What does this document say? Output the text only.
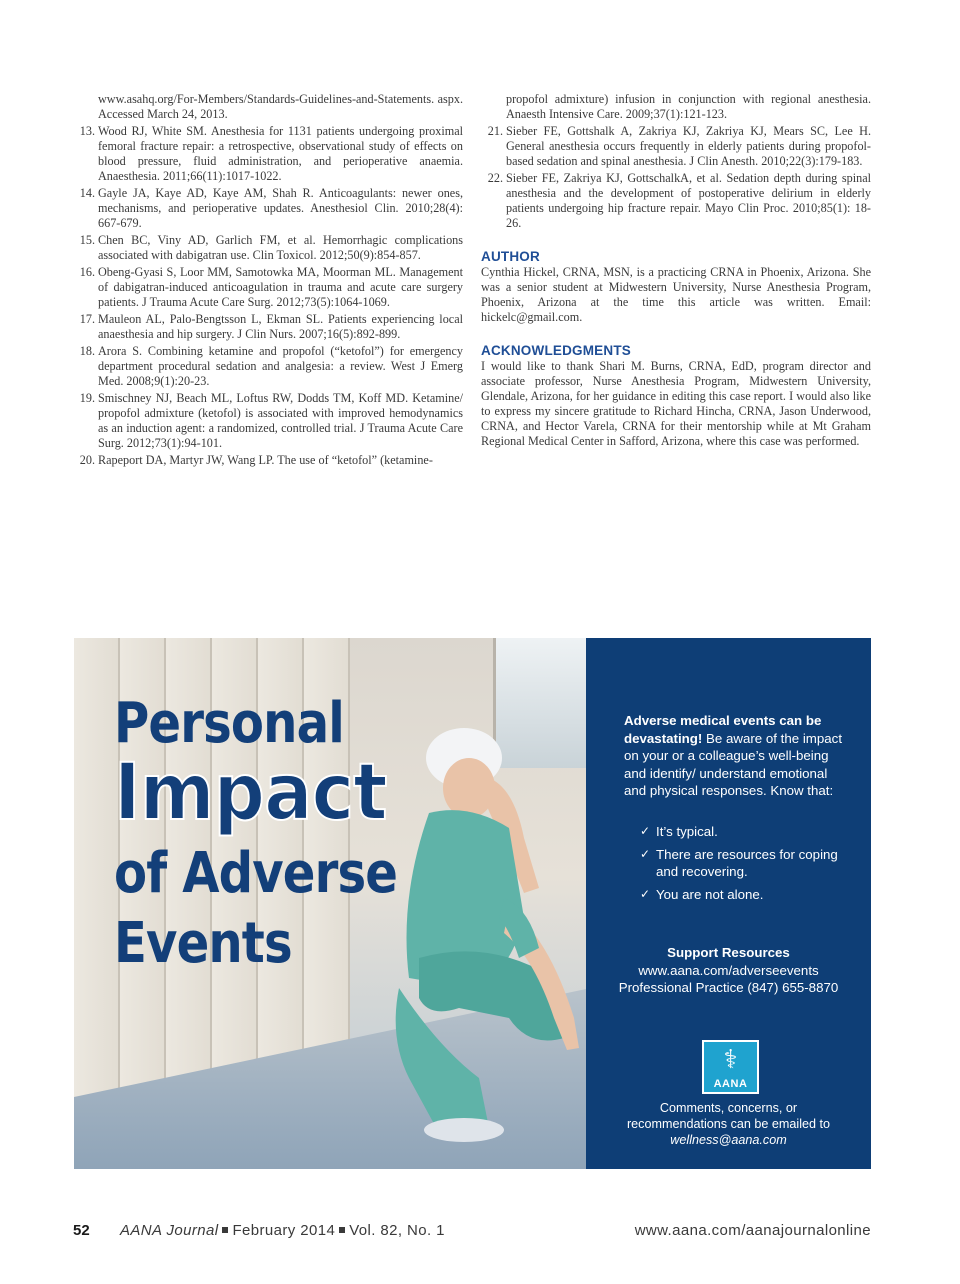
www.asahq.org/For-Members/Standards-Guidelines-and-Statements. aspx. Accessed March 24, 2013.
13. Wood RJ, White SM. Anesthesia for 1131 patients undergoing proximal femoral fracture repair: a retrospective, observational study of effects on blood pressure, fluid administration, and perioperative anaemia. Anaesthesia. 2011;66(11):1017-1022.
14. Gayle JA, Kaye AD, Kaye AM, Shah R. Anticoagulants: newer ones, mechanisms, and perioperative updates. Anesthesiol Clin. 2010;28(4): 667-679.
15. Chen BC, Viny AD, Garlich FM, et al. Hemorrhagic complications associated with dabigatran use. Clin Toxicol. 2012;50(9):854-857.
16. Obeng-Gyasi S, Loor MM, Samotowka MA, Moorman ML. Management of dabigatran-induced anticoagulation in trauma and acute care surgery patients. J Trauma Acute Care Surg. 2012;73(5):1064-1069.
17. Mauleon AL, Palo-Bengtsson L, Ekman SL. Patients experiencing local anaesthesia and hip surgery. J Clin Nurs. 2007;16(5):892-899.
18. Arora S. Combining ketamine and propofol (“ketofol”) for emergency department procedural sedation and analgesia: a review. West J Emerg Med. 2008;9(1):20-23.
19. Smischney NJ, Beach ML, Loftus RW, Dodds TM, Koff MD. Ketamine/ propofol admixture (ketofol) is associated with improved hemodynamics as an induction agent: a randomized, controlled trial. J Trauma Acute Care Surg. 2012;73(1):94-101.
20. Rapeport DA, Martyr JW, Wang LP. The use of “ketofol” (ketamine-
propofol admixture) infusion in conjunction with regional anesthesia. Anaesth Intensive Care. 2009;37(1):121-123.
21. Sieber FE, Gottshalk A, Zakriya KJ, Zakriya KJ, Mears SC, Lee H. General anesthesia occurs frequently in elderly patients during propofol-based sedation and spinal anesthesia. J Clin Anesth. 2010;22(3):179-183.
22. Sieber FE, Zakriya KJ, GottschalkA, et al. Sedation depth during spinal anesthesia and the development of postoperative delirium in elderly patients undergoing hip fracture repair. Mayo Clin Proc. 2010;85(1): 18-26.
AUTHOR

Cynthia Hickel, CRNA, MSN, is a practicing CRNA in Phoenix, Arizona. She was a senior student at Midwestern University, Nurse Anesthesia Program, Phoenix, Arizona at the time this article was written. Email: hickelc@gmail.com.

ACKNOWLEDGMENTS

I would like to thank Shari M. Burns, CRNA, EdD, program director and associate professor, Nurse Anesthesia Program, Midwestern University, Glendale, Arizona, for her guidance in editing this case report. I would also like to express my sincere gratitude to Richard Hincha, CRNA, Jason Underwood, CRNA, and Hector Varela, CRNA for their mentorship while at Mt Graham Regional Medical Center in Safford, Arizona, where this case was performed.

Personal
Impact
of Adverse
Events
Adverse medical events can be devastating! Be aware of the impact on your or a colleague’s well-being and identify/ understand emotional and physical responses. Know that:
✓ It’s typical.
✓ There are resources for coping and recovering.
✓ You are not alone.
Support Resources
www.aana.com/adverseevents
Professional Practice (847) 655-8870
⚕
AANA
Comments, concerns, or
recommendations can be emailed to
wellness@aana.com
52 AANA Journal February 2014 Vol. 82, No. 1	www.aana.com/aanajournalonline
